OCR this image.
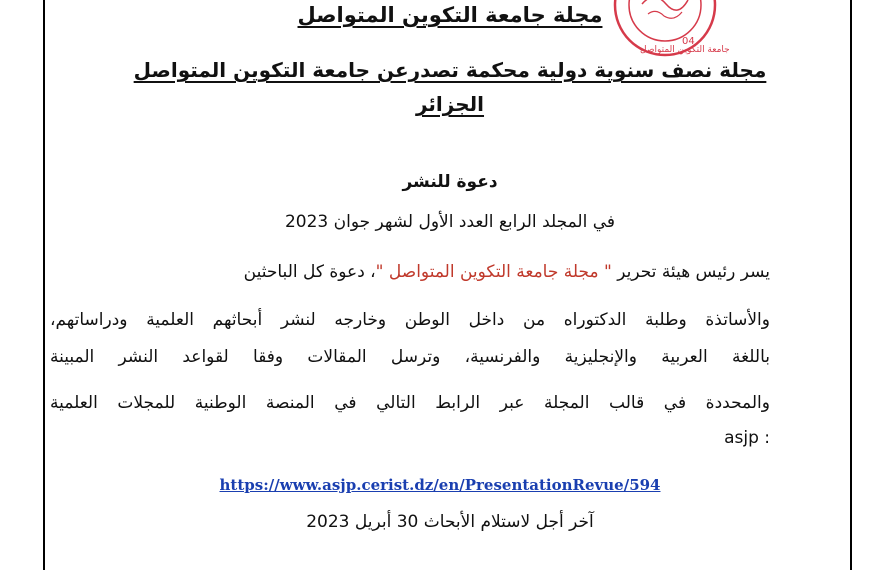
04
جامعة التكوين المتواصل
مجلة جامعة التكوين المتواصل
مجلة نصف سنوية دولية محكمة تصدرعن جامعة التكوين المتواصل
الجزائر
دعوة للنشر
في المجلد الرابع العدد الأول لشهر جوان 2023
يسر رئيس هيئة تحرير " مجلة جامعة التكوين المتواصل "، دعوة كل الباحثين
والأساتذة وطلبة الدكتوراه من داخل الوطن وخارجه لنشر أبحاثهم العلمية ودراساتهم،
باللغة العربية والإنجليزية والفرنسية، وترسل المقالات وفقا لقواعد النشر المبينة
والمحددة في قالب المجلة عبر الرابط التالي في المنصة الوطنية للمجلات العلمية
asjp :
https://www.asjp.cerist.dz/en/PresentationRevue/594
آخر أجل لاستلام الأبحاث 30 أبريل 2023
